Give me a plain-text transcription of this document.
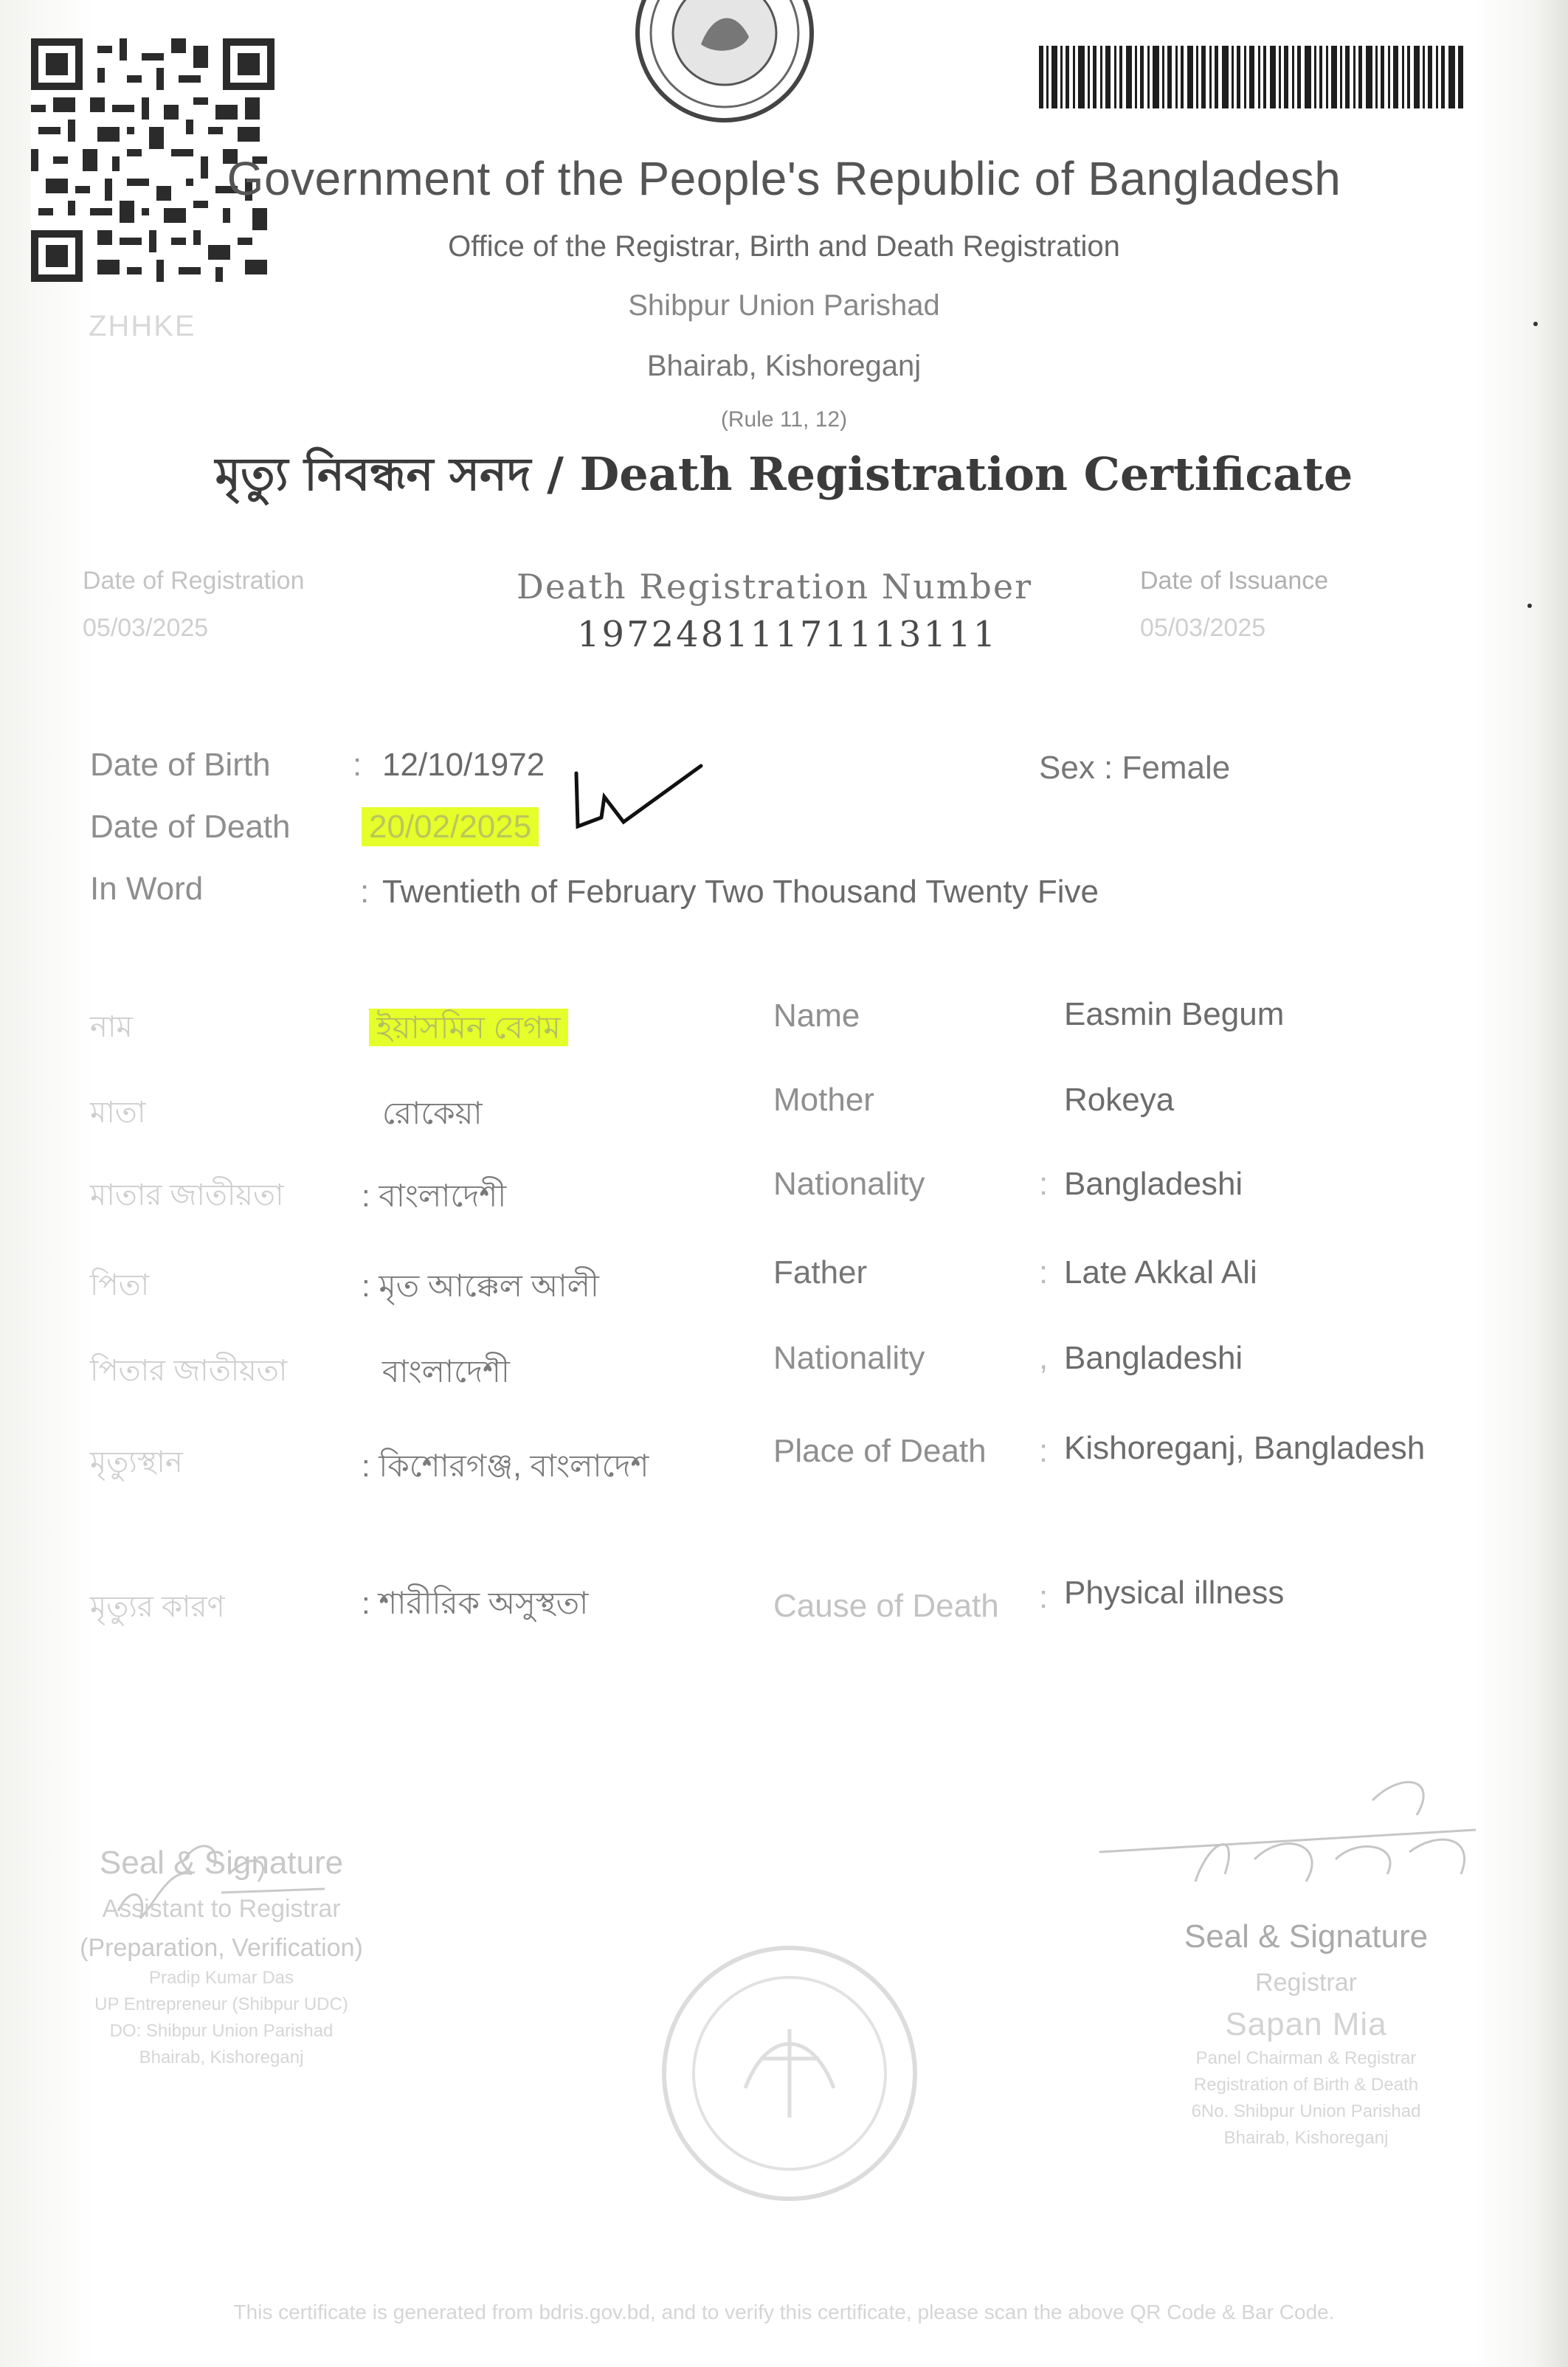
ZHHKE
Government of the People's Republic of Bangladesh
Office of the Registrar, Birth and Death Registration
Shibpur Union Parishad
Bhairab, Kishoreganj
(Rule 11, 12)
মৃত্যু নিবন্ধন সনদ / Death Registration Certificate
Date of Registration
05/03/2025
Death Registration Number
19724811171113111
Date of Issuance
05/03/2025
Date of Birth	: 12/10/1972	Sex : Female
Date of Death 20/02/2025
In Word	: Twentieth of February Two Thousand Twenty Five
নাম	ইয়াসমিন বেগম	Name	Easmin Begum
মাতা	রোকেয়া	Mother	Rokeya
মাতার জাতীয়তা	: বাংলাদেশী	Nationality	: Bangladeshi
পিতা	: মৃত আক্কেল আলী	Father	: Late Akkal Ali
পিতার জাতীয়তা	বাংলাদেশী	Nationality	, Bangladeshi
মৃত্যুস্থান	: কিশোরগঞ্জ, বাংলাদেশ	Place of Death : Kishoreganj, Bangladesh
মৃত্যুর কারণ	: শারীরিক অসুস্থতা	Cause of Death : Physical illness
Seal & Signature
Assistant to Registrar
(Preparation, Verification)
Pradip Kumar Das
UP Entrepreneur (Shibpur UDC)
DO: Shibpur Union Parishad
Bhairab, Kishoreganj
Seal & Signature
Registrar
Sapan Mia
Panel Chairman & Registrar
Registration of Birth & Death
6No. Shibpur Union Parishad
Bhairab, Kishoreganj
This certificate is generated from bdris.gov.bd, and to verify this certificate, please scan the above QR Code & Bar Code.
